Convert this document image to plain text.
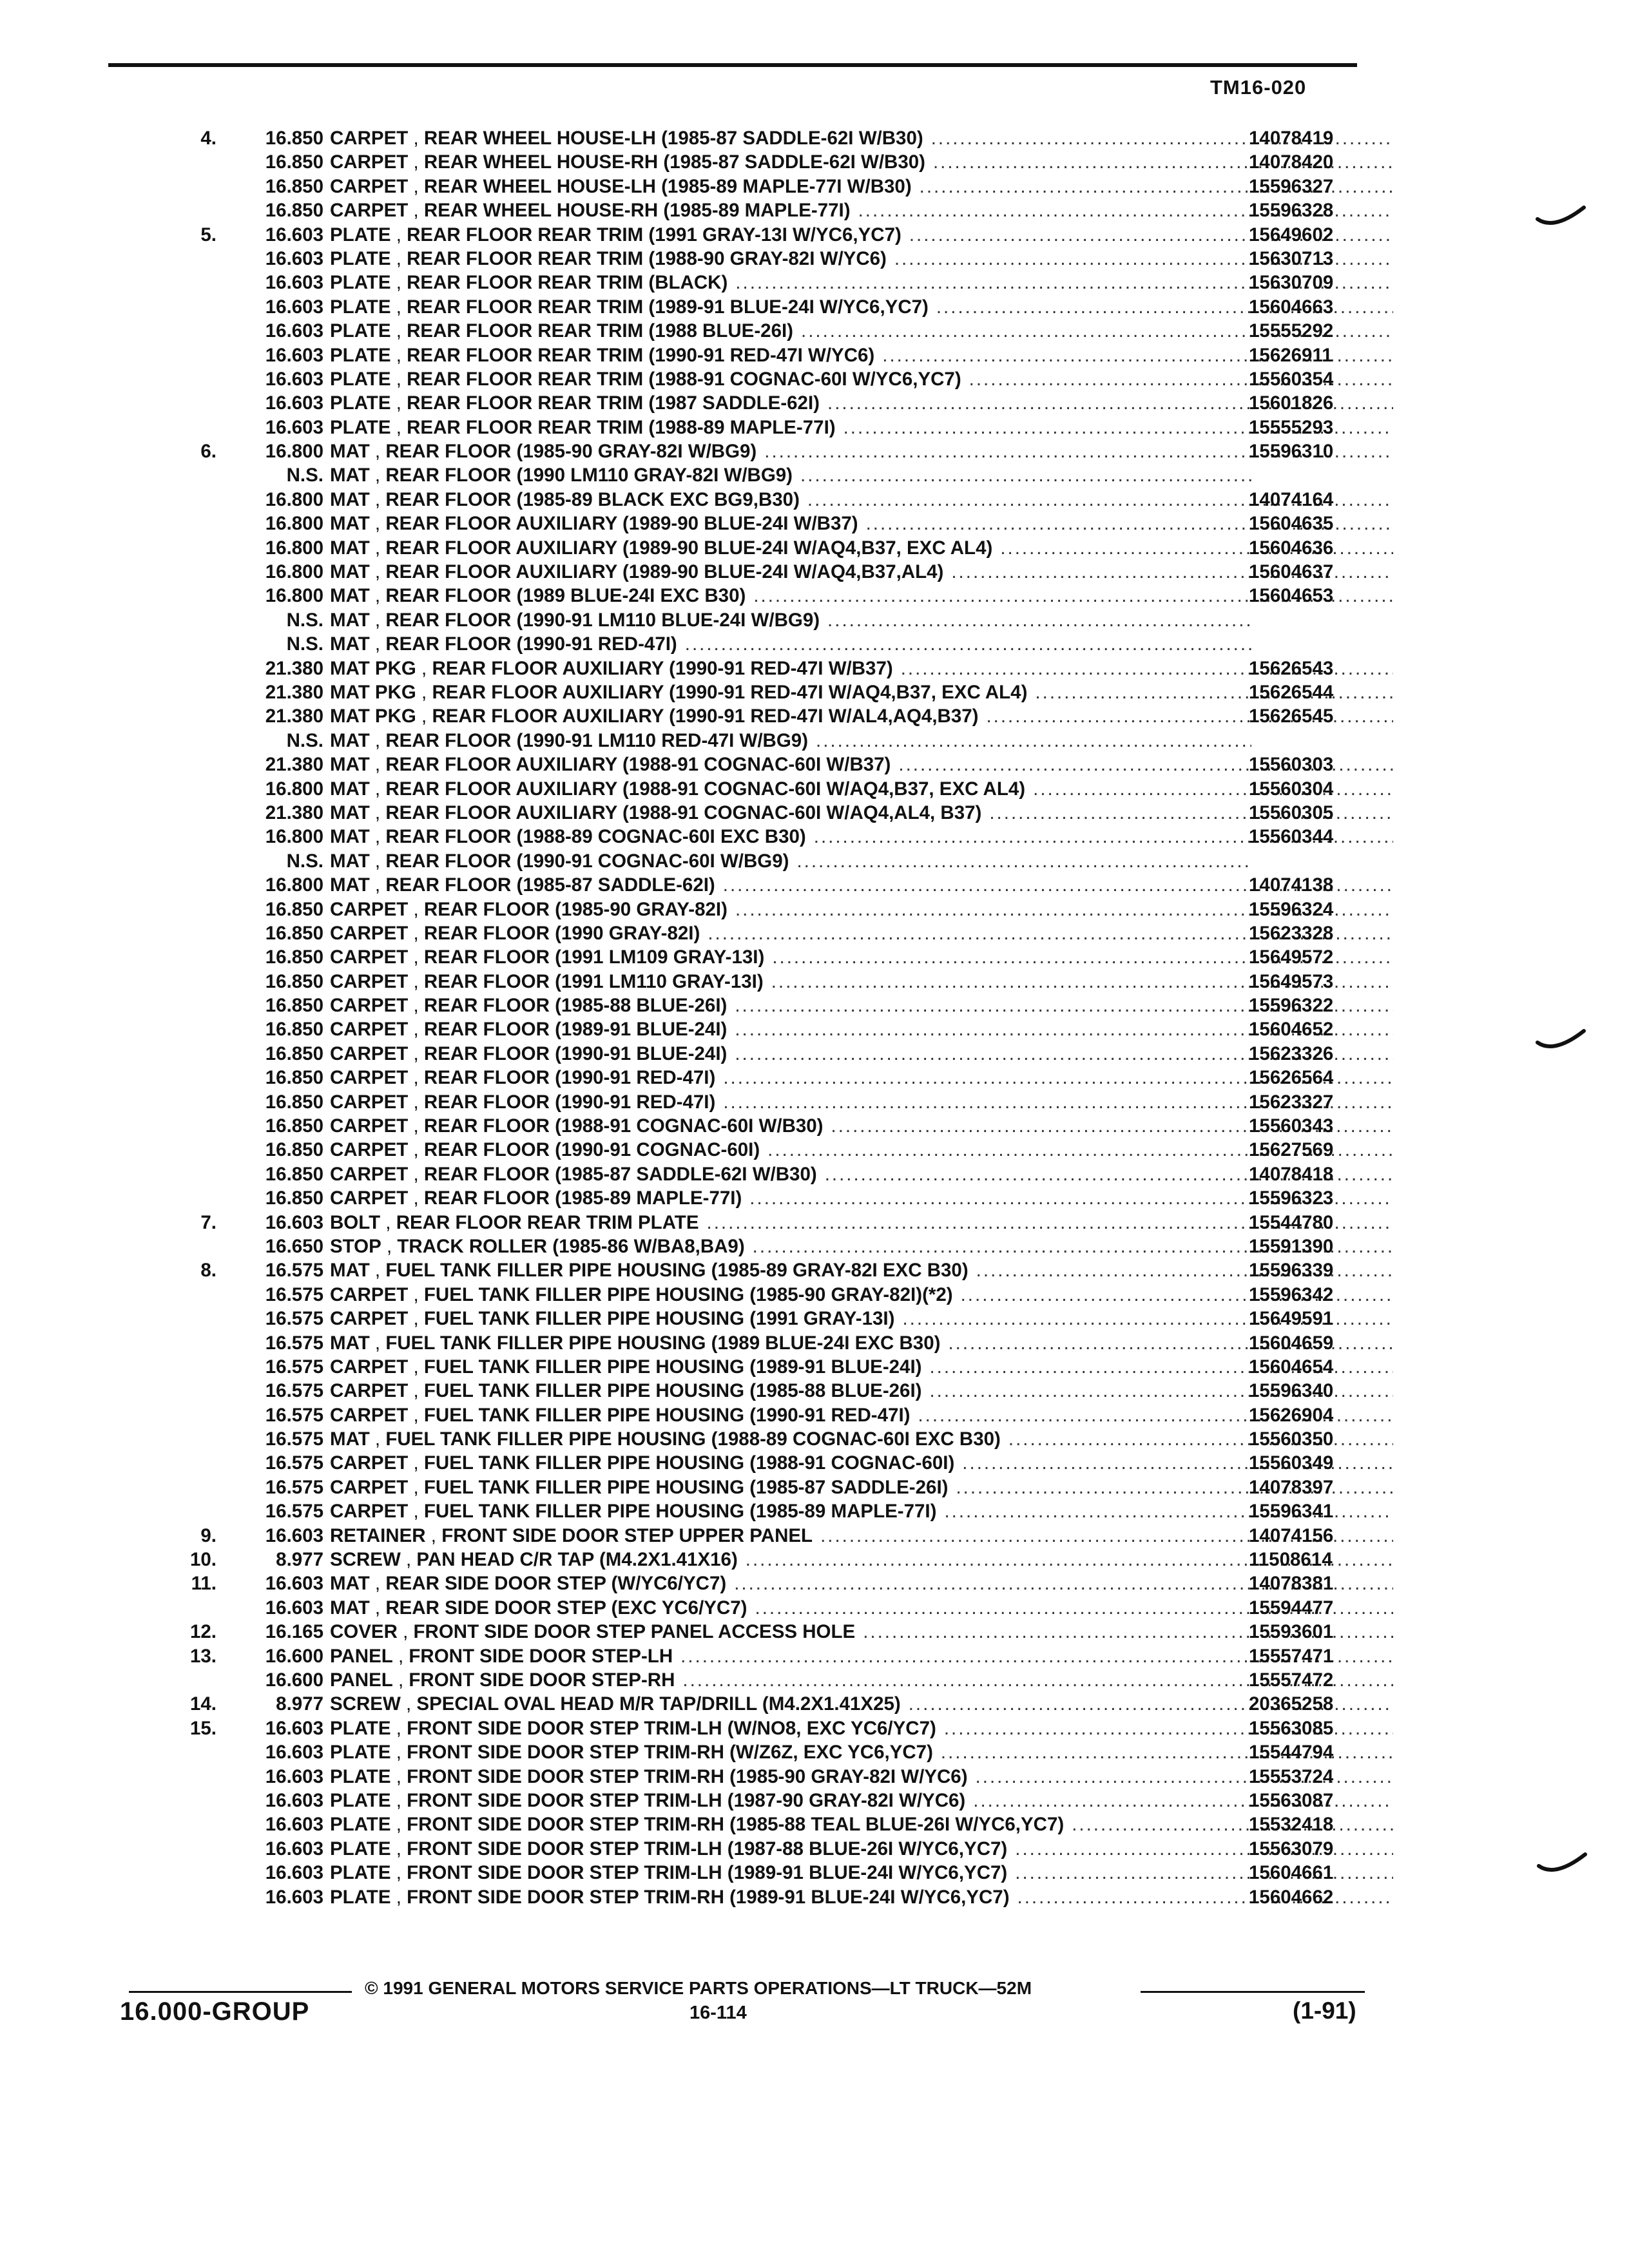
TM16-020
4.	16.850 CARPET , REAR WHEEL HOUSE-LH (1985-87 SADDLE-62I W/B30) .....	14078419
16.850 CARPET , REAR WHEEL HOUSE-RH (1985-87 SADDLE-62I W/B30) .....	14078420
16.850 CARPET , REAR WHEEL HOUSE-LH (1985-89 MAPLE-77I W/B30) .....	15596327
16.850 CARPET , REAR WHEEL HOUSE-RH (1985-89 MAPLE-77I) .....	15596328
5.	16.603 PLATE , REAR FLOOR REAR TRIM (1991 GRAY-13I W/YC6,YC7) .....	15649602
16.603 PLATE , REAR FLOOR REAR TRIM (1988-90 GRAY-82I W/YC6) .....	15630713
16.603 PLATE , REAR FLOOR REAR TRIM (BLACK) .....	15630709
16.603 PLATE , REAR FLOOR REAR TRIM (1989-91 BLUE-24I W/YC6,YC7) .....	15604663
16.603 PLATE , REAR FLOOR REAR TRIM (1988 BLUE-26I) .....	15555292
16.603 PLATE , REAR FLOOR REAR TRIM (1990-91 RED-47I W/YC6) .....	15626911
16.603 PLATE , REAR FLOOR REAR TRIM (1988-91 COGNAC-60I W/YC6,YC7) .....	15560354
16.603 PLATE , REAR FLOOR REAR TRIM (1987 SADDLE-62I) .....	15601826
16.603 PLATE , REAR FLOOR REAR TRIM (1988-89 MAPLE-77I) .....	15555293
6.	16.800 MAT , REAR FLOOR (1985-90 GRAY-82I W/BG9) .....	15596310
N.S. MAT , REAR FLOOR (1990 LM110 GRAY-82I W/BG9)
.....
16.800 MAT , REAR FLOOR (1985-89 BLACK EXC BG9,B30) .....	14074164
16.800 MAT , REAR FLOOR AUXILIARY (1989-90 BLUE-24I W/B37) .....	15604635
16.800 MAT , REAR FLOOR AUXILIARY (1989-90 BLUE-24I W/AQ4,B37, EXC AL4) .....	15604636
16.800 MAT , REAR FLOOR AUXILIARY (1989-90 BLUE-24I W/AQ4,B37,AL4) .....	15604637
16.800 MAT , REAR FLOOR (1989 BLUE-24I EXC B30) .....	15604653
N.S. MAT , REAR FLOOR (1990-91 LM110 BLUE-24I W/BG9)
.....
N.S. MAT , REAR FLOOR (1990-91 RED-47I)
.....
21.380 MAT PKG , REAR FLOOR AUXILIARY (1990-91 RED-47I W/B37) .....	15626543
21.380 MAT PKG , REAR FLOOR AUXILIARY (1990-91 RED-47I W/AQ4,B37, EXC AL4) .....	15626544
21.380 MAT PKG , REAR FLOOR AUXILIARY (1990-91 RED-47I W/AL4,AQ4,B37) .....	15626545
N.S. MAT , REAR FLOOR (1990-91 LM110 RED-47I W/BG9)
.....
21.380 MAT , REAR FLOOR AUXILIARY (1988-91 COGNAC-60I W/B37) .....	15560303
16.800 MAT , REAR FLOOR AUXILIARY (1988-91 COGNAC-60I W/AQ4,B37, EXC AL4) .....	15560304
21.380 MAT , REAR FLOOR AUXILIARY (1988-91 COGNAC-60I W/AQ4,AL4, B37) .....	15560305
16.800 MAT , REAR FLOOR (1988-89 COGNAC-60I EXC B30) .....	15560344
N.S. MAT , REAR FLOOR (1990-91 COGNAC-60I W/BG9)
.....
16.800 MAT , REAR FLOOR (1985-87 SADDLE-62I) .....	14074138
16.850 CARPET , REAR FLOOR (1985-90 GRAY-82I) .....	15596324
16.850 CARPET , REAR FLOOR (1990 GRAY-82I) .....	15623328
16.850 CARPET , REAR FLOOR (1991 LM109 GRAY-13I) .....	15649572
16.850 CARPET , REAR FLOOR (1991 LM110 GRAY-13I) .....	15649573
16.850 CARPET , REAR FLOOR (1985-88 BLUE-26I) .....	15596322
16.850 CARPET , REAR FLOOR (1989-91 BLUE-24I) .....	15604652
16.850 CARPET , REAR FLOOR (1990-91 BLUE-24I) .....	15623326
16.850 CARPET , REAR FLOOR (1990-91 RED-47I) .....	15626564
16.850 CARPET , REAR FLOOR (1990-91 RED-47I) .....	15623327
16.850 CARPET , REAR FLOOR (1988-91 COGNAC-60I W/B30) .....	15560343
16.850 CARPET , REAR FLOOR (1990-91 COGNAC-60I) .....	15627569
16.850 CARPET , REAR FLOOR (1985-87 SADDLE-62I W/B30) .....	14078418
16.850 CARPET , REAR FLOOR (1985-89 MAPLE-77I) .....	15596323
7.	16.603 BOLT , REAR FLOOR REAR TRIM PLATE .....	15544780
16.650 STOP , TRACK ROLLER (1985-86 W/BA8,BA9) .....	15591390
8.	16.575 MAT , FUEL TANK FILLER PIPE HOUSING (1985-89 GRAY-82I EXC B30) .....	15596339
16.575 CARPET , FUEL TANK FILLER PIPE HOUSING (1985-90 GRAY-82I)(*2) .....	15596342
16.575 CARPET , FUEL TANK FILLER PIPE HOUSING (1991 GRAY-13I) .....	15649591
16.575 MAT , FUEL TANK FILLER PIPE HOUSING (1989 BLUE-24I EXC B30) .....	15604659
16.575 CARPET , FUEL TANK FILLER PIPE HOUSING (1989-91 BLUE-24I) .....	15604654
16.575 CARPET , FUEL TANK FILLER PIPE HOUSING (1985-88 BLUE-26I) .....	15596340
16.575 CARPET , FUEL TANK FILLER PIPE HOUSING (1990-91 RED-47I) .....	15626904
16.575 MAT , FUEL TANK FILLER PIPE HOUSING (1988-89 COGNAC-60I EXC B30) .....	15560350
16.575 CARPET , FUEL TANK FILLER PIPE HOUSING (1988-91 COGNAC-60I) .....	15560349
16.575 CARPET , FUEL TANK FILLER PIPE HOUSING (1985-87 SADDLE-26I) .....	14078397
16.575 CARPET , FUEL TANK FILLER PIPE HOUSING (1985-89 MAPLE-77I) .....	15596341
9.	16.603 RETAINER , FRONT SIDE DOOR STEP UPPER PANEL .....	14074156
10.	8.977 SCREW , PAN HEAD C/R TAP (M4.2X1.41X16) .....	11508614
11.	16.603 MAT , REAR SIDE DOOR STEP (W/YC6/YC7) .....	14078381
16.603 MAT , REAR SIDE DOOR STEP (EXC YC6/YC7) .....	15594477
12.	16.165 COVER , FRONT SIDE DOOR STEP PANEL ACCESS HOLE .....	15593601
13.	16.600 PANEL , FRONT SIDE DOOR STEP-LH .....	15557471
16.600 PANEL , FRONT SIDE DOOR STEP-RH .....	15557472
14.	8.977 SCREW , SPECIAL OVAL HEAD M/R TAP/DRILL (M4.2X1.41X25) .....	20365258
15.	16.603 PLATE , FRONT SIDE DOOR STEP TRIM-LH (W/NO8, EXC YC6/YC7) .....	15563085
16.603 PLATE , FRONT SIDE DOOR STEP TRIM-RH (W/Z6Z, EXC YC6,YC7) .....	15544794
16.603 PLATE , FRONT SIDE DOOR STEP TRIM-RH (1985-90 GRAY-82I W/YC6) .....	15553724
16.603 PLATE , FRONT SIDE DOOR STEP TRIM-LH (1987-90 GRAY-82I W/YC6) .....	15563087
16.603 PLATE , FRONT SIDE DOOR STEP TRIM-RH (1985-88 TEAL BLUE-26I W/YC6,YC7) .....	15532418
16.603 PLATE , FRONT SIDE DOOR STEP TRIM-LH (1987-88 BLUE-26I W/YC6,YC7) .....	15563079
16.603 PLATE , FRONT SIDE DOOR STEP TRIM-LH (1989-91 BLUE-24I W/YC6,YC7) .....	15604661
16.603 PLATE , FRONT SIDE DOOR STEP TRIM-RH (1989-91 BLUE-24I W/YC6,YC7) .....	15604662
© 1991 GENERAL MOTORS SERVICE PARTS OPERATIONS—LT TRUCK—52M
16.000-GROUP	16-114	(1-91)
